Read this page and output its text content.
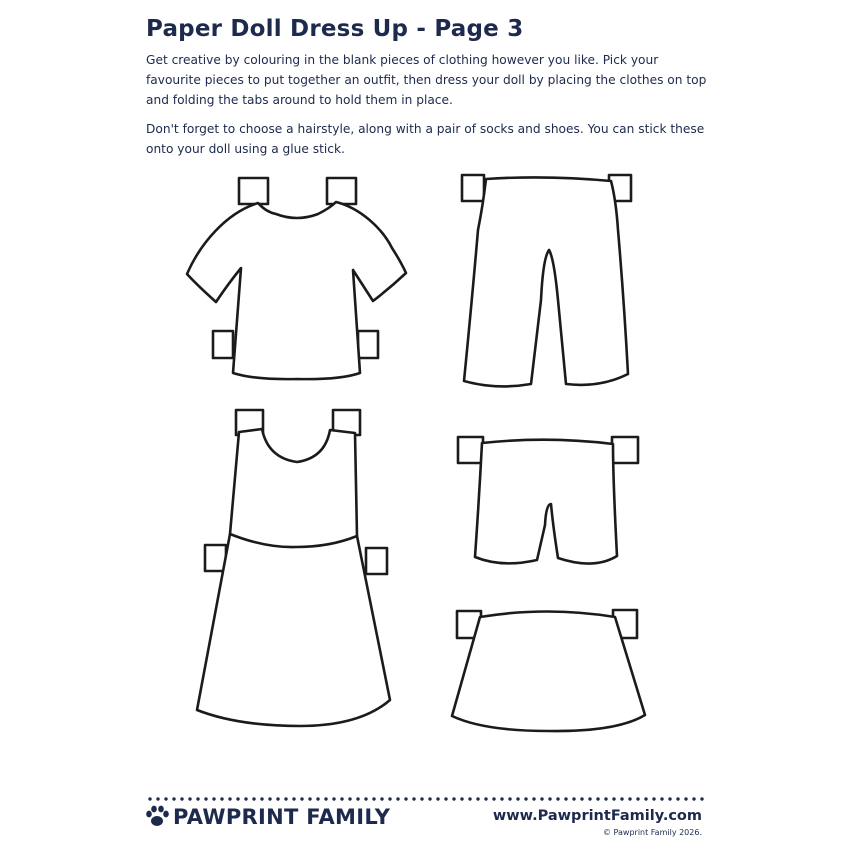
Paper Doll Dress Up - Page 3

Get creative by colouring in the blank pieces of clothing however you like. Pick your favourite pieces to put together an outfit, then dress your doll by placing the clothes on top and folding the tabs around to hold them in place.

Don't forget to choose a hairstyle, along with a pair of socks and shoes. You can stick these onto your doll using a glue stick.

PAWPRINT FAMILY	www.PawprintFamily.com
© Pawprint Family 2026.
